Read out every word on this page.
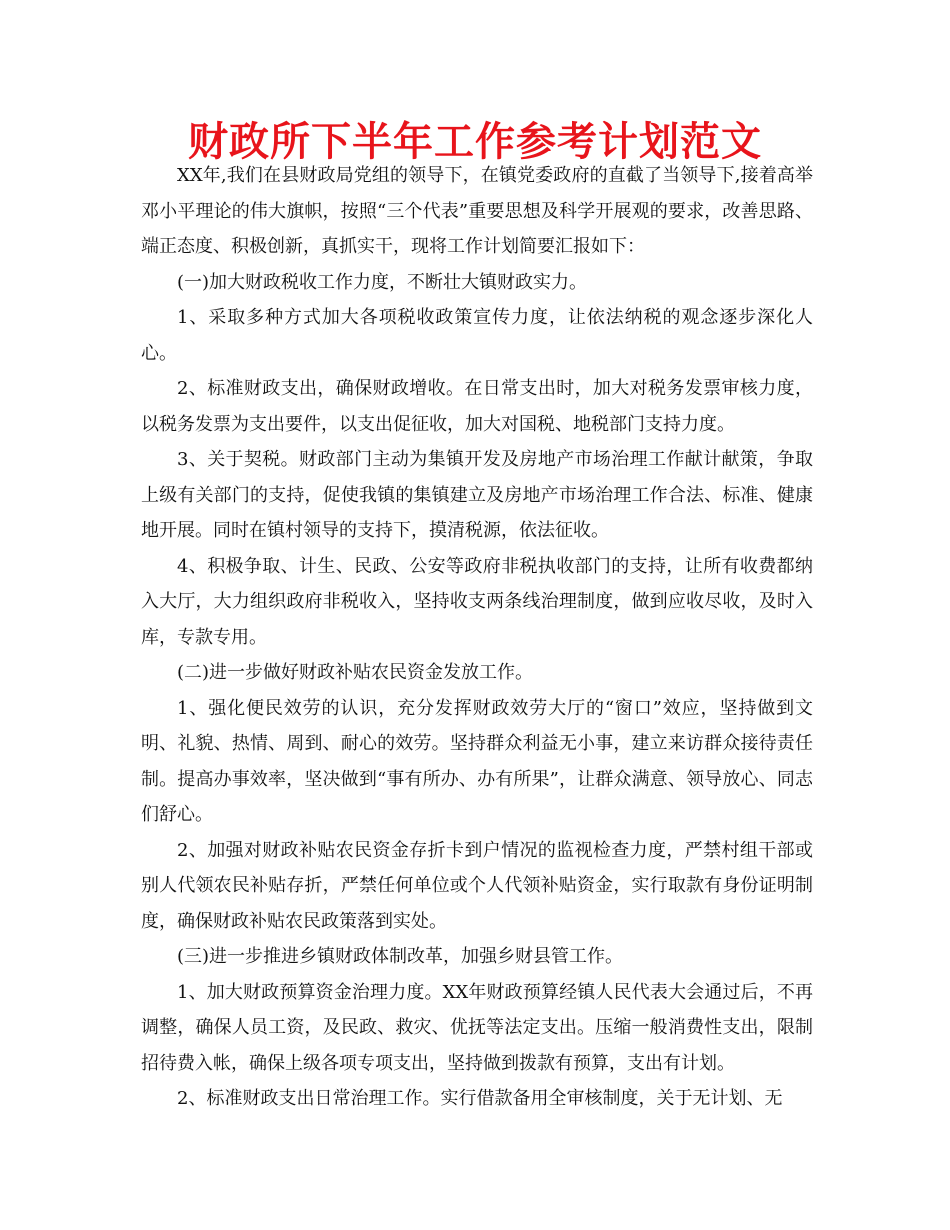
财政所下半年工作参考计划范文

XX年,我们在县财政局党组的领导下，在镇党委政府的直截了当领导下,接着高举邓小平理论的伟大旗帜，按照“三个代表”重要思想及科学开展观的要求，改善思路、端正态度、积极创新，真抓实干，现将工作计划简要汇报如下：

(一)加大财政税收工作力度，不断壮大镇财政实力。

1、采取多种方式加大各项税收政策宣传力度，让依法纳税的观念逐步深化人心。

2、标准财政支出，确保财政增收。在日常支出时，加大对税务发票审核力度，以税务发票为支出要件，以支出促征收，加大对国税、地税部门支持力度。

3、关于契税。财政部门主动为集镇开发及房地产市场治理工作献计献策，争取上级有关部门的支持，促使我镇的集镇建立及房地产市场治理工作合法、标准、健康地开展。同时在镇村领导的支持下，摸清税源，依法征收。

4、积极争取、计生、民政、公安等政府非税执收部门的支持，让所有收费都纳入大厅，大力组织政府非税收入，坚持收支两条线治理制度，做到应收尽收，及时入库，专款专用。

(二)进一步做好财政补贴农民资金发放工作。

1、强化便民效劳的认识，充分发挥财政效劳大厅的“窗口”效应，坚持做到文明、礼貌、热情、周到、耐心的效劳。坚持群众利益无小事，建立来访群众接待责任制。提高办事效率，坚决做到“事有所办、办有所果”，让群众满意、领导放心、同志们舒心。

2、加强对财政补贴农民资金存折卡到户情况的监视检查力度，严禁村组干部或别人代领农民补贴存折，严禁任何单位或个人代领补贴资金，实行取款有身份证明制度，确保财政补贴农民政策落到实处。

(三)进一步推进乡镇财政体制改革，加强乡财县管工作。

1、加大财政预算资金治理力度。XX年财政预算经镇人民代表大会通过后，不再调整，确保人员工资，及民政、救灾、优抚等法定支出。压缩一般消费性支出，限制招待费入帐，确保上级各项专项支出，坚持做到拨款有预算，支出有计划。

2、标准财政支出日常治理工作。实行借款备用全审核制度，关于无计划、无
